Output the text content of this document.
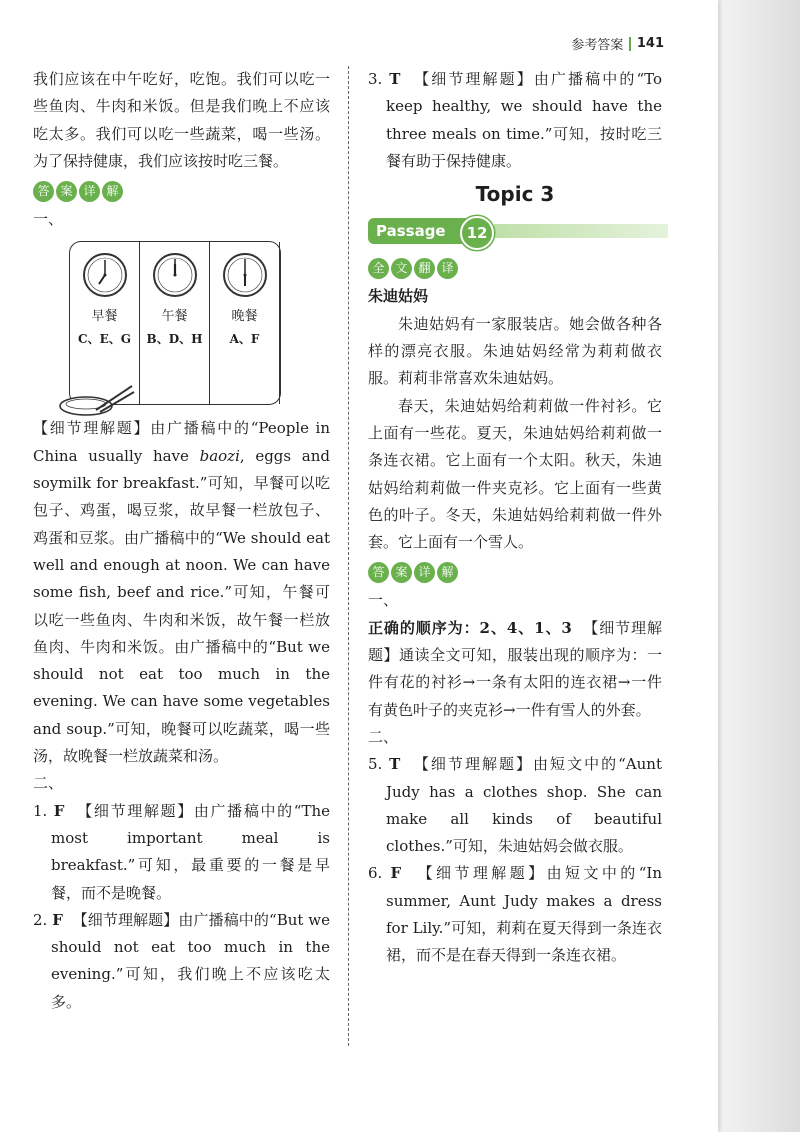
参考答案 141

我们应该在中午吃好，吃饱。我们可以吃一些鱼肉、牛肉和米饭。但是我们晚上不应该吃太多。我们可以吃一些蔬菜，喝一些汤。为了保持健康，我们应该按时吃三餐。

答 案 详 解

一、

早餐
C、E、G
午餐
B、D、H
晚餐
A、F

【细节理解题】由广播稿中的“People in China usually have baozi, eggs and soymilk for breakfast.”可知，早餐可以吃包子、鸡蛋，喝豆浆，故早餐一栏放包子、鸡蛋和豆浆。由广播稿中的“We should eat well and enough at noon. We can have some fish, beef and rice.”可知，午餐可以吃一些鱼肉、牛肉和米饭，故午餐一栏放鱼肉、牛肉和米饭。由广播稿中的“But we should not eat too much in the evening. We can have some vegetables and soup.”可知，晚餐可以吃蔬菜，喝一些汤，故晚餐一栏放蔬菜和汤。

二、

1. F 【细节理解题】由广播稿中的“The most important meal is breakfast.”可知，最重要的一餐是早餐，而不是晚餐。

2. F 【细节理解题】由广播稿中的“But we should not eat too much in the evening.”可知，我们晚上不应该吃太多。

3. T 【细节理解题】由广播稿中的“To keep healthy, we should have the three meals on time.”可知，按时吃三餐有助于保持健康。

Topic 3
Passage	12
全 文 翻 译

朱迪姑妈

朱迪姑妈有一家服装店。她会做各种各样的漂亮衣服。朱迪姑妈经常为莉莉做衣服。莉莉非常喜欢朱迪姑妈。

春天，朱迪姑妈给莉莉做一件衬衫。它上面有一些花。夏天，朱迪姑妈给莉莉做一条连衣裙。它上面有一个太阳。秋天，朱迪姑妈给莉莉做一件夹克衫。它上面有一些黄色的叶子。冬天，朱迪姑妈给莉莉做一件外套。它上面有一个雪人。

答 案 详 解

一、

正确的顺序为：2、4、1、3 【细节理解题】通读全文可知，服装出现的顺序为：一件有花的衬衫→一条有太阳的连衣裙→一件有黄色叶子的夹克衫→一件有雪人的外套。

二、

5. T 【细节理解题】由短文中的“Aunt Judy has a clothes shop. She can make all kinds of beautiful clothes.”可知，朱迪姑妈会做衣服。

6. F 【细节理解题】由短文中的“In summer, Aunt Judy makes a dress for Lily.”可知，莉莉在夏天得到一条连衣裙，而不是在春天得到一条连衣裙。
